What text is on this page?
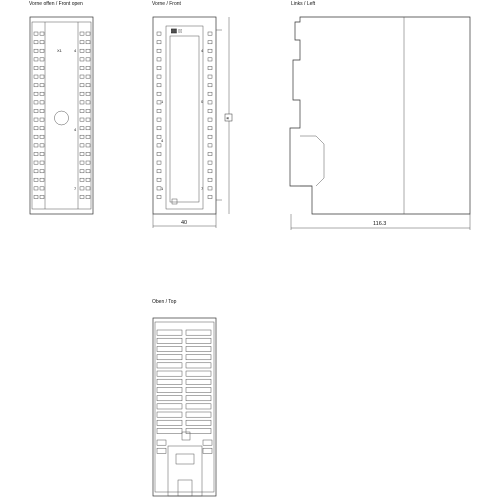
Vorne offen / Front open	Vorne / Front	Links / Left
Oben / Top
X1	4
4
7
≋
▓▓ ▯▯
4
1	0
4
1	7
40	116.3
